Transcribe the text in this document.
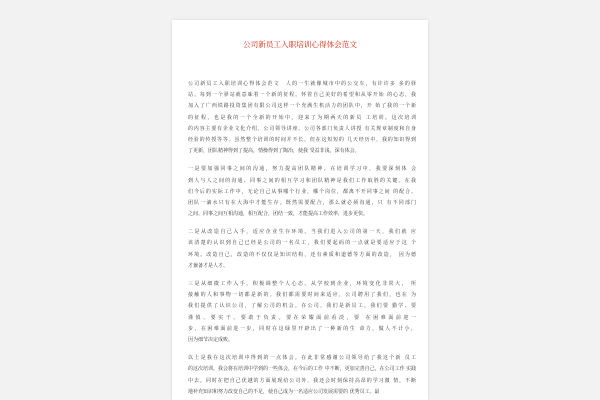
公司新员工入职培训心得体会范文
公司新员工入职培训心得体会范文　人的一生就像城市中的公交车，有许许多 多的驿
站。每到一个驿站就意味着一个新的征程。怀着自己美好的希望和从零开始 的心态，我
加入了广西铁路投资集团有限公司这样一个充满生机活力的团队中，开 始了我的一个新
的征程，也是我的一个全新的开始中。迎来了为期两天的新员 工培训。这次培训
的内容主要有企业文化介绍、公司领导讲座、公司各部门负责人讲授 有关规章制度和自身
经验的传授等等。虽然整个培训的时间并不长，但在这短短的 几天经历中，我的知识得到
了更新，团队精神得到了提高，情操得到了陶冶，使我 受益非浅，深有体会。
一是要加强同事之间的沟通，努力提高团队精神。在培训学习中，我要深刻体 会
到人与人之间的沟通、同事之间的相互学习和团队精神是我们工作取胜的关键。在我
们今后的实际工作中，无论自己从事哪个行业，哪个岗位，都离不开同事之间 的配合。
团队一滴水只有在大海中才能生存。既然需要配合，那么就必须沟通，只 有不同部门
之间、同事之间互相沟通，相互配合，团结一致，才能提高工作效率，进步更快。
二是从改造自己入手，适应企业生存环境。当我们进入公司的第一天，我们就 应
该清楚的认识到自己已经是公司的一名员工，我们要起码的一点就是要适应于这 个
环境。改造自己，改造的不仅仅是知识结构，还有素质和道德等方面的改造， 因为德
才兼备才是人才。
三是从细微工作入手，积极调整个人心态。从学校到企业，环境变化非常大， 所
接触的人和事物一切都是新的。我们都需要时间来适应，公司聘用了我们，也在 为
我们提供了认识公司，了解公司的机会。在公司，我们是新员工。我们要 勤学、要
谨慎、要实干、要敢于负责。要在荣耀面前看淡，要 在困难面前迎一
步，在困难面前进一步，同时在这绿里开辟出了一种新的生 命力，做人不计小，
因为细节决定成败。
以上是我在这次培训中得到的一点体会。在此非常感谢公司领导给了我这个新 员工
的这次培训。我会将在培训中学到的一些体会，在今后的工作 中不断，更加完善自己，在公司工作 实践
中去。同时在把自己优越的方面展现给公司外，我还会时刻保持高昂的学习激 情，不断
地补充知识和努力改变自己的不足，使自己成为一名适应公司发展需要的 优秀员工。最
